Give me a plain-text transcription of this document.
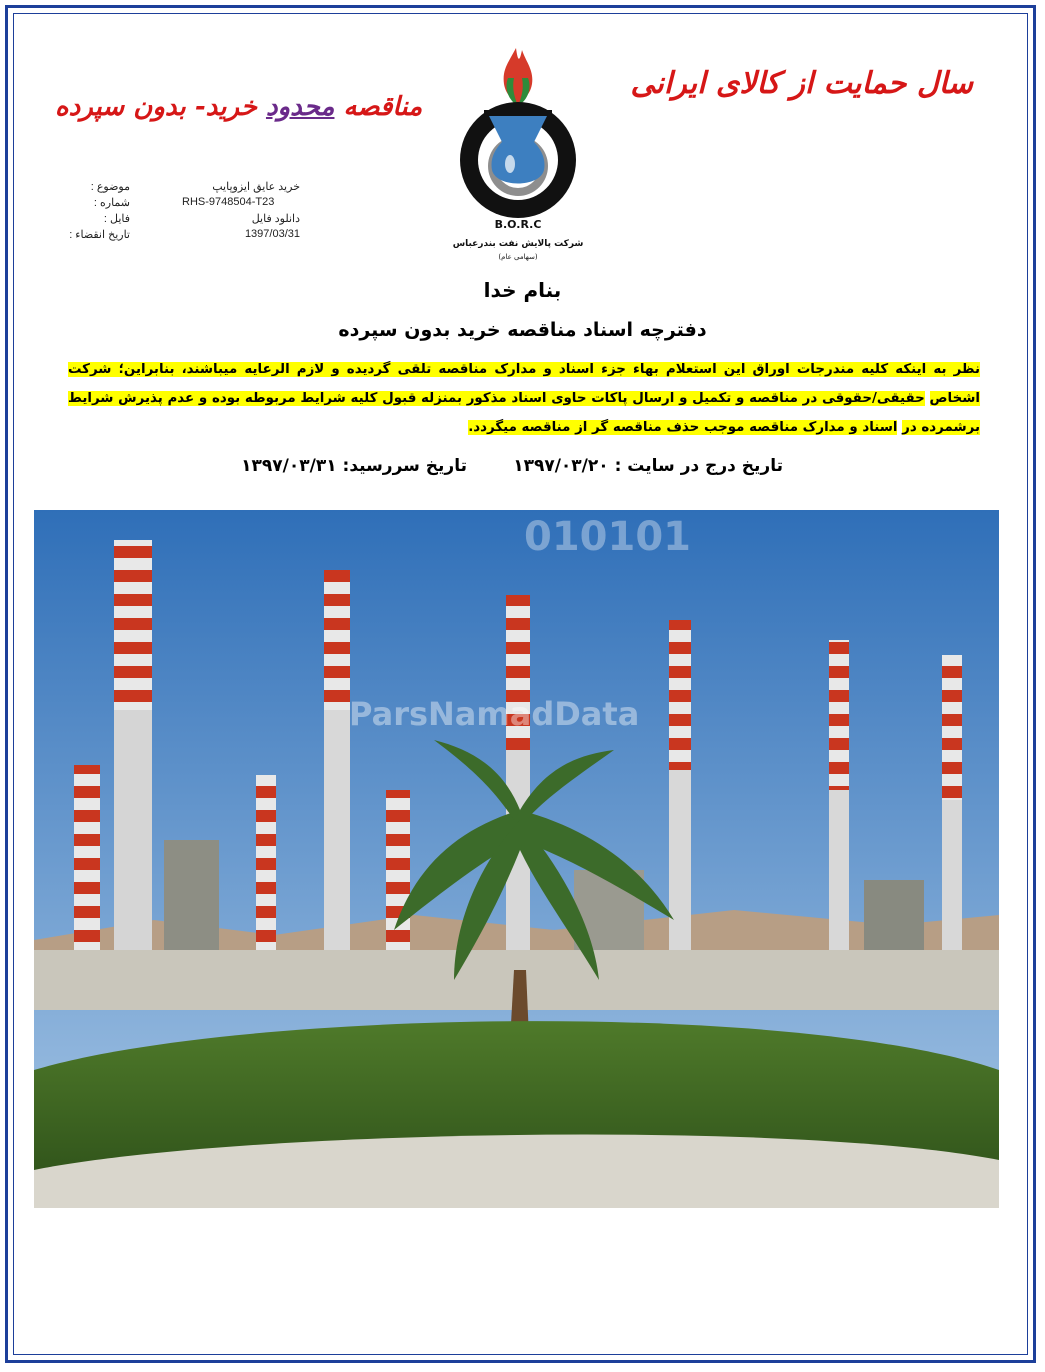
سال حمایت از کالای ایرانی
مناقصه محدود خرید- بدون سپرده
B.O.R.C
شرکت پالایش نفت بندرعباس
(سهامی عام)
موضوع :	خرید عایق ایزوپایپ
شماره :	RHS-9748504-T23
فایل :	دانلود فایل
تاریخ انقضاء :	1397/03/31
بنام خدا
دفترچه اسناد مناقصه خرید بدون سپرده
نظر به اینکه کلیه مندرجات اوراق این استعلام بهاء جزء اسناد و مدارک مناقصه تلقی گردیده و لازم الرعایه میباشند، بنابراین؛ شرکت اشخاص حقیقی/حقوقی در مناقصه و تکمیل و ارسال پاکات حاوی اسناد مذکور بمنزله قبول کلیه شرایط مربوطه بوده و عدم پذیرش شرایط برشمرده در اسناد و مدارک مناقصه موجب حذف مناقصه گر از مناقصه میگردد.
تاریخ درج در سایت : ۱۳۹۷/۰۳/۲۰
تاریخ سررسید: ۱۳۹۷/۰۳/۳۱
010101
ParsNamadData
